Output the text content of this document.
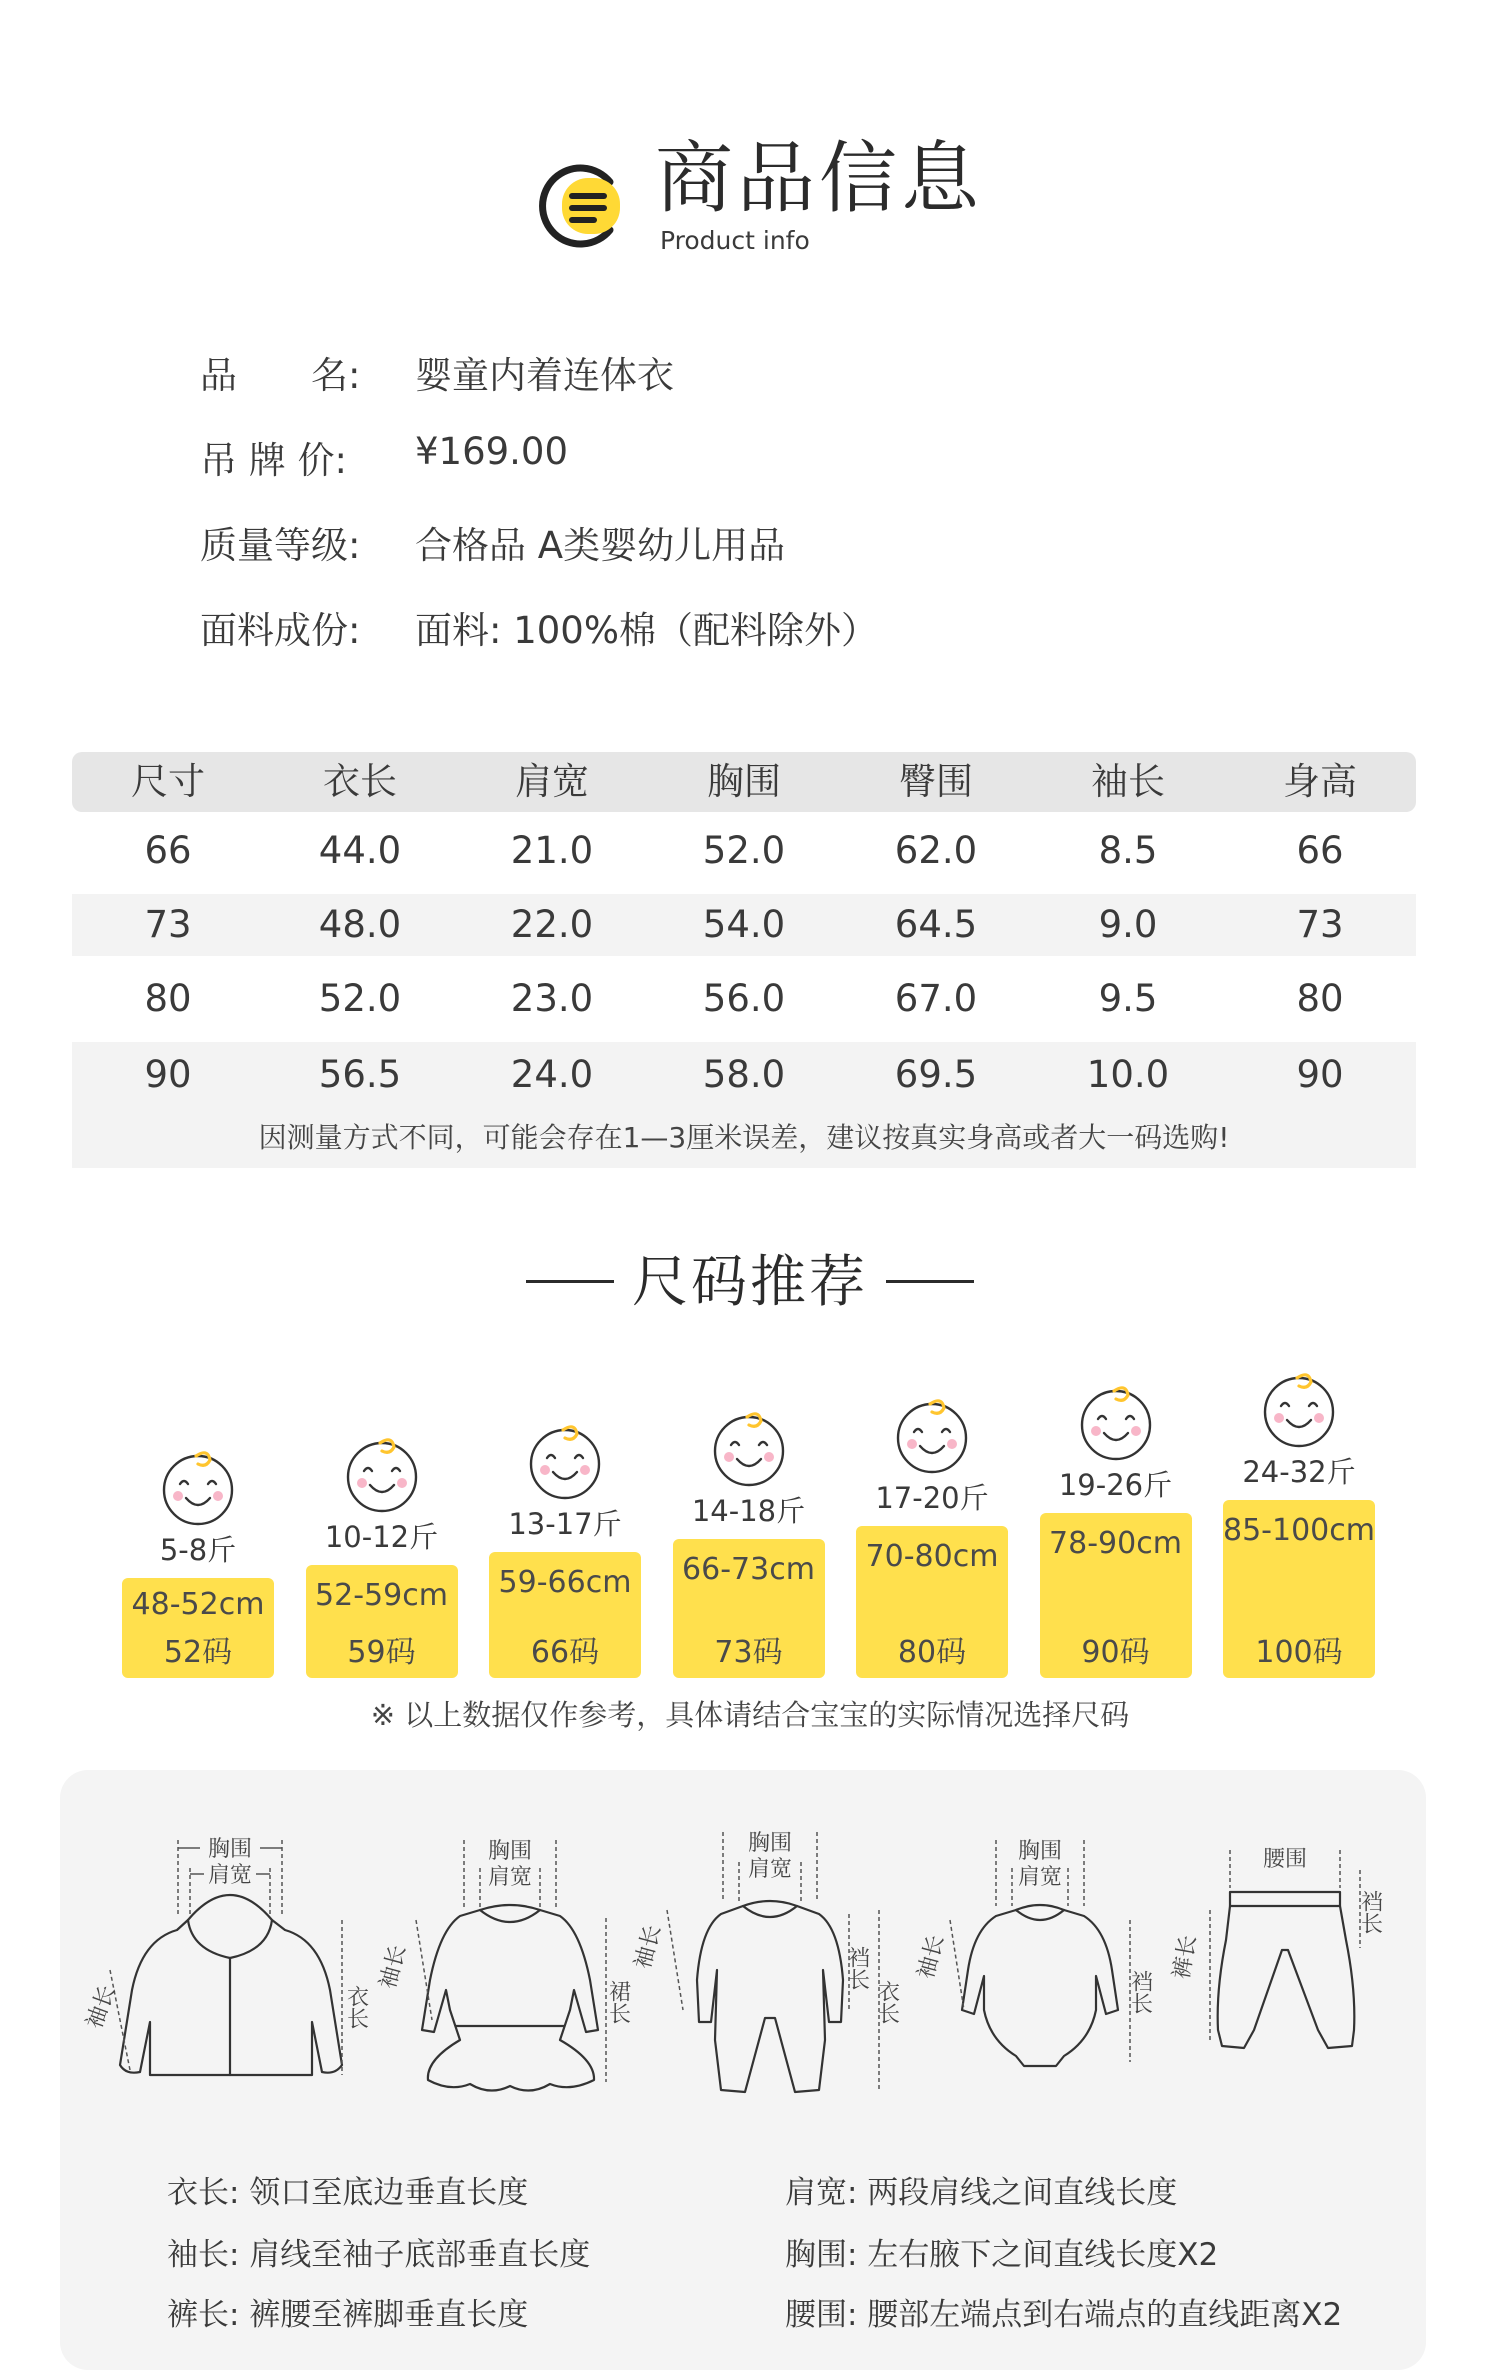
商品信息
Product info
品　　名:	婴童内着连体衣
吊 牌 价:	¥169.00
质量等级:	合格品 A类婴幼儿用品
面料成份:	面料: 100%棉（配料除外）
尺寸	衣长	肩宽	胸围	臀围	袖长	身高
66	44.0	21.0	52.0	62.0	8.5	66
73	48.0	22.0	54.0	64.5	9.0	73
80	52.0	23.0	56.0	67.0	9.5	80
90	56.5	24.0	58.0	69.5	10.0	90
因测量方式不同，可能会存在1—3厘米误差，建议按真实身高或者大一码选购!
尺码推荐
5-8斤
48-52cm
52码
10-12斤
52-59cm
59码
13-17斤
59-66cm
66码
14-18斤
66-73cm
73码
17-20斤
70-80cm
80码
19-26斤
78-90cm
90码
24-32斤
85-100cm
100码
※ 以上数据仅作参考，具体请结合宝宝的实际情况选择尺码
胸围
肩宽
衣长
袖长
胸围
肩宽
裙长
袖长
胸围
肩宽
裆长
衣长
袖长
胸围
肩宽
裆长
袖长
腰围
裤长
裆长
衣长: 领口至底边垂直长度	肩宽: 两段肩线之间直线长度
袖长: 肩线至袖子底部垂直长度	胸围: 左右腋下之间直线长度X2
裤长: 裤腰至裤脚垂直长度	腰围: 腰部左端点到右端点的直线距离X2
